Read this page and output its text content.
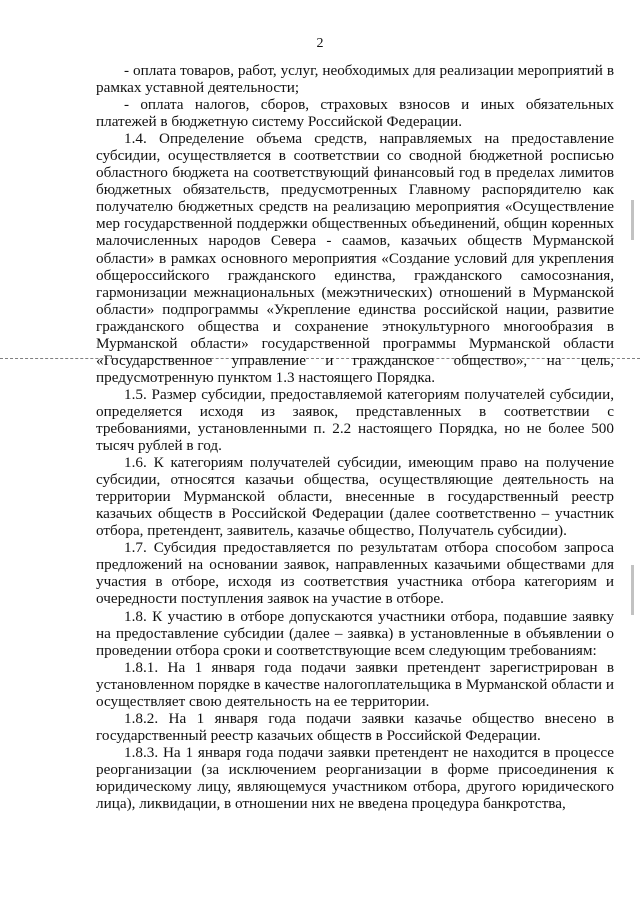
2

- оплата товаров, работ, услуг, необходимых для реализации мероприятий в рамках уставной деятельности;

- оплата налогов, сборов, страховых взносов и иных обязательных платежей в бюджетную систему Российской Федерации.

1.4. Определение объема средств, направляемых на предоставление субсидии, осуществляется в соответствии со сводной бюджетной росписью областного бюджета на соответствующий финансовый год в пределах лимитов бюджетных обязательств, предусмотренных Главному распорядителю как получателю бюджетных средств на реализацию мероприятия «Осуществление мер государственной поддержки общественных объединений, общин коренных малочисленных народов Севера - саамов, казачьих обществ Мурманской области» в рамках основного мероприятия «Создание условий для укрепления общероссийского гражданского единства, гражданского самосознания, гармонизации межнациональных (межэтнических) отношений в Мурманской области» подпрограммы «Укрепление единства российской нации, развитие гражданского общества и сохранение этнокультурного многообразия в Мурманской области» государственной программы Мурманской области «Государственное управление и гражданское общество», на цель, предусмотренную пунктом 1.3 настоящего Порядка.

1.5. Размер субсидии, предоставляемой категориям получателей субсидии, определяется исходя из заявок, представленных в соответствии с требованиями, установленными п. 2.2 настоящего Порядка, но не более 500 тысяч рублей в год.

1.6. К категориям получателей субсидии, имеющим право на получение субсидии, относятся казачьи общества, осуществляющие деятельность на территории Мурманской области, внесенные в государственный реестр казачьих обществ в Российской Федерации (далее соответственно – участник отбора, претендент, заявитель, казачье общество, Получатель субсидии).

1.7. Субсидия предоставляется по результатам отбора способом запроса предложений на основании заявок, направленных казачьими обществами для участия в отборе, исходя из соответствия участника отбора категориям и очередности поступления заявок на участие в отборе.

1.8. К участию в отборе допускаются участники отбора, подавшие заявку на предоставление субсидии (далее – заявка) в установленные в объявлении о проведении отбора сроки и соответствующие всем следующим требованиям:

1.8.1. На 1 января года подачи заявки претендент зарегистрирован в установленном порядке в качестве налогоплательщика в Мурманской области и осуществляет свою деятельность на ее территории.

1.8.2. На 1 января года подачи заявки казачье общество внесено в государственный реестр казачьих обществ в Российской Федерации.

1.8.3. На 1 января года подачи заявки претендент не находится в процессе реорганизации (за исключением реорганизации в форме присоединения к юридическому лицу, являющемуся участником отбора, другого юридического лица), ликвидации, в отношении них не введена процедура банкротства,
